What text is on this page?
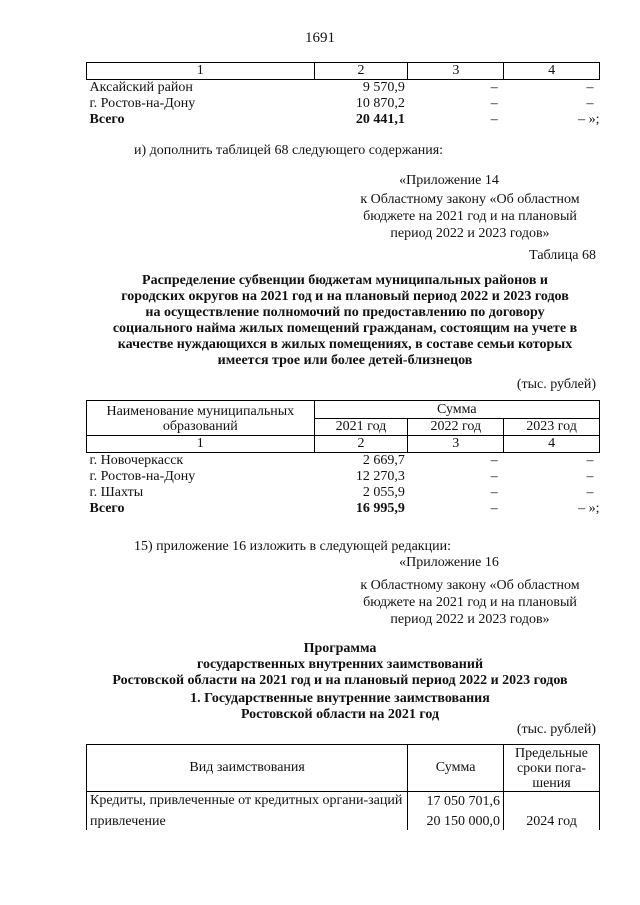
1691
1	2	3	4
Аксайский район	9 570,9	–	–
г. Ростов-на-Дону	10 870,2	–	–
Всего	20 441,1	–	– »;
и) дополнить таблицей 68 следующего содержания:
«Приложение 14
к Областному закону «Об областном
бюджете на 2021 год и на плановый
период 2022 и 2023 годов»
Таблица 68
Распределение субвенции бюджетам муниципальных районов и
городских округов на 2021 год и на плановый период 2022 и 2023 годов
на осуществление полномочий по предоставлению по договору
социального найма жилых помещений гражданам, состоящим на учете в
качестве нуждающихся в жилых помещениях, в составе семьи которых
имеется трое или более детей-близнецов
(тыс. рублей)
Наименование муниципальных образований	Сумма		
	2021 год	2022 год	2023 год
1	2	3	4
г. Новочеркасск	2 669,7	–	–
г. Ростов-на-Дону	12 270,3	–	–
г. Шахты	2 055,9	–	–
Всего	16 995,9	–	– »;
15) приложение 16 изложить в следующей редакции:
«Приложение 16
к Областному закону «Об областном
бюджете на 2021 год и на плановый
период 2022 и 2023 годов»
Программа
государственных внутренних заимствований
Ростовской области на 2021 год и на плановый период 2022 и 2023 годов
1. Государственные внутренние заимствования
Ростовской области на 2021 год
(тыс. рублей)
Вид заимствования	Сумма	Предельные сроки пога-шения
Кредиты, привлеченные от кредитных органи-заций	17 050 701,6	
привлечение	20 150 000,0	2024 год
